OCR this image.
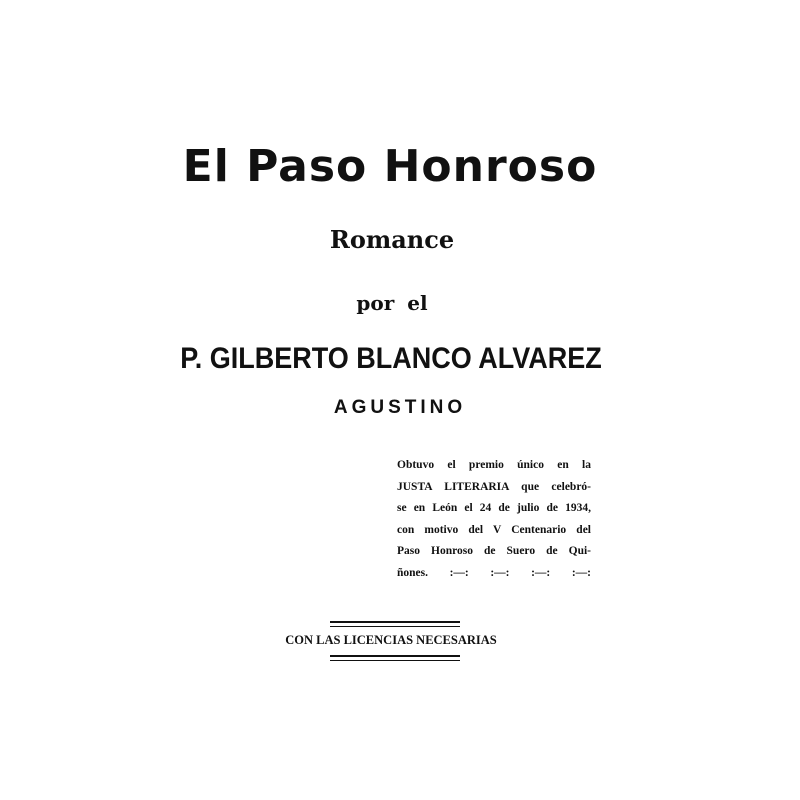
El Paso Honroso
Romance
por el
P. GILBERTO BLANCO ALVAREZ
AGUSTINO
Obtuvo el premio único en la
JUSTA LITERARIA que celebró-
se en León el 24 de julio de 1934,
con motivo del V Centenario del
Paso Honroso de Suero de Qui-
ñones. :—: :—: :—: :—:
CON LAS LICENCIAS NECESARIAS
